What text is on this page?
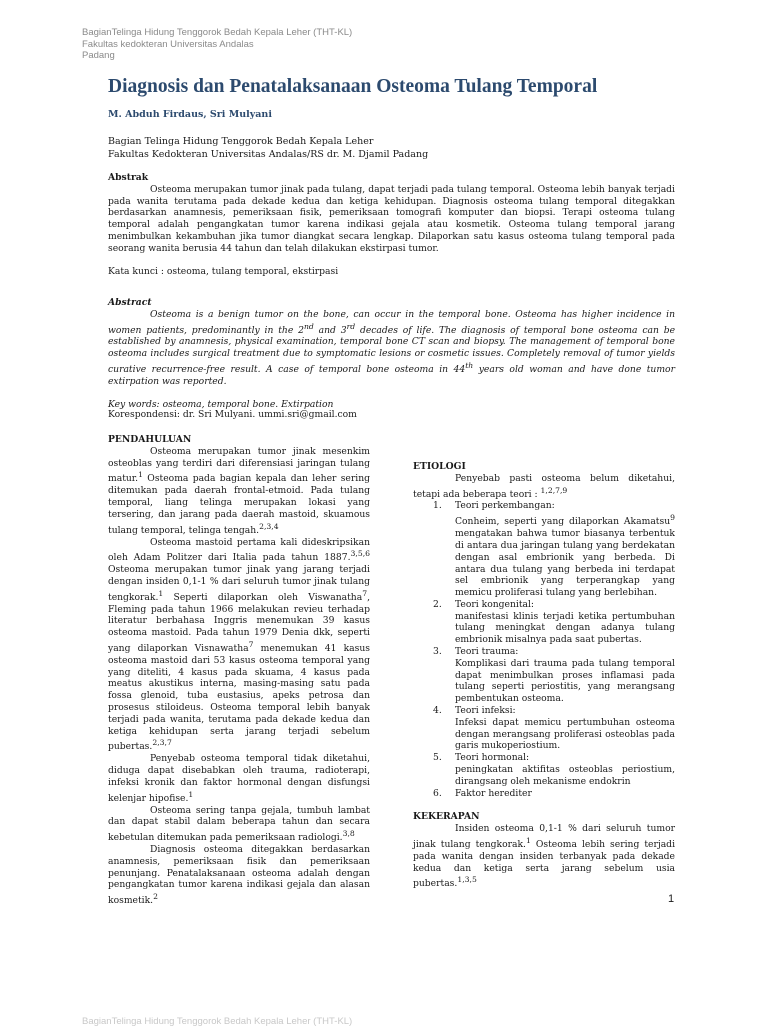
BagianTelinga Hidung Tenggorok Bedah Kepala Leher (THT-KL)
Fakultas kedokteran Universitas Andalas
Padang
Diagnosis dan Penatalaksanaan Osteoma Tulang Temporal
M. Abduh Firdaus, Sri Mulyani
Bagian Telinga Hidung Tenggorok Bedah Kepala Leher
Fakultas Kedokteran Universitas Andalas/RS dr. M. Djamil Padang
Abstrak

Osteoma merupakan tumor jinak pada tulang, dapat terjadi pada tulang temporal. Osteoma lebih banyak terjadi pada wanita terutama pada dekade kedua dan ketiga kehidupan. Diagnosis osteoma tulang temporal ditegakkan berdasarkan anamnesis, pemeriksaan fisik, pemeriksaan tomografi komputer dan biopsi. Terapi osteoma tulang temporal adalah pengangkatan tumor karena indikasi gejala atau kosmetik. Osteoma tulang temporal jarang menimbulkan kekambuhan jika tumor diangkat secara lengkap. Dilaporkan satu kasus osteoma tulang temporal pada seorang wanita berusia 44 tahun dan telah dilakukan ekstirpasi tumor.

Kata kunci : osteoma, tulang temporal, ekstirpasi
Abstract

Osteoma is a benign tumor on the bone, can occur in the temporal bone. Osteoma has higher incidence in women patients, predominantly in the 2nd and 3rd decades of life. The diagnosis of temporal bone osteoma can be established by anamnesis, physical examination, temporal bone CT scan and biopsy. The management of temporal bone osteoma includes surgical treatment due to symptomatic lesions or cosmetic issues. Completely removal of tumor yields curative recurrence-free result. A case of temporal bone osteoma in 44th years old woman and have done tumor extirpation was reported.

Key words: osteoma, temporal bone. Extirpation
Korespondensi: dr. Sri Mulyani. ummi.sri@gmail.com
PENDAHULUAN

Osteoma merupakan tumor jinak mesenkim osteoblas yang terdiri dari diferensiasi jaringan tulang matur.$^1$ Osteoma pada bagian kepala dan leher sering ditemukan pada daerah frontal-etmoid. Pada tulang temporal, liang telinga merupakan lokasi yang tersering, dan jarang pada daerah mastoid, skuamous tulang temporal, telinga tengah.$^{2,3,4}$

Osteoma mastoid pertama kali dideskripsikan oleh Adam Politzer dari Italia pada tahun 1887.$^{3,5,6}$ Osteoma merupakan tumor jinak yang jarang terjadi dengan insiden 0,1-1 % dari seluruh tumor jinak tulang tengkorak.$^1$ Seperti dilaporkan oleh Viswanatha$^7$, Fleming pada tahun 1966 melakukan revieu terhadap literatur berbahasa Inggris menemukan 39 kasus osteoma mastoid. Pada tahun 1979 Denia dkk, seperti yang dilaporkan Visnawatha$^7$ menemukan 41 kasus osteoma mastoid dari 53 kasus osteoma temporal yang yang diteliti, 4 kasus pada skuama, 4 kasus pada meatus akustikus interna, masing-masing satu pada fossa glenoid, tuba eustasius, apeks petrosa dan prosesus stiloideus. Osteoma temporal lebih banyak terjadi pada wanita, terutama pada dekade kedua dan ketiga kehidupan serta jarang terjadi sebelum pubertas.$^{2,3,7}$

Penyebab osteoma temporal tidak diketahui, diduga dapat disebabkan oleh trauma, radioterapi, infeksi kronik dan faktor hormonal dengan disfungsi kelenjar hipofise.$^1$

Osteoma sering tanpa gejala, tumbuh lambat dan dapat stabil dalam beberapa tahun dan secara kebetulan ditemukan pada pemeriksaan radiologi.$^{3,8}$

Diagnosis osteoma ditegakkan berdasarkan anamnesis, pemeriksaan fisik dan pemeriksaan penunjang. Penatalaksanaan osteoma adalah dengan pengangkatan tumor karena indikasi gejala dan alasan kosmetik.$^2$

ETIOLOGI

Penyebab pasti osteoma belum diketahui, tetapi ada beberapa teori : $^{1,2,7,9}$

1. Teori perkembangan:
Conheim, seperti yang dilaporkan Akamatsu$^9$ mengatakan bahwa tumor biasanya terbentuk di antara dua jaringan tulang yang berdekatan dengan asal embrionik yang berbeda. Di antara dua tulang yang berbeda ini terdapat sel embrionik yang terperangkap yang memicu proliferasi tulang yang berlebihan.
2. Teori kongenital:
manifestasi klinis terjadi ketika pertumbuhan tulang meningkat dengan adanya tulang embrionik misalnya pada saat pubertas.
3. Teori trauma:
Komplikasi dari trauma pada tulang temporal dapat menimbulkan proses inflamasi pada tulang seperti periostitis, yang merangsang pembentukan osteoma.
4. Teori infeksi:
Infeksi dapat memicu pertumbuhan osteoma dengan merangsang proliferasi osteoblas pada garis mukoperiostium.
5. Teori hormonal:
peningkatan aktifitas osteoblas periostium, dirangsang oleh mekanisme endokrin
6. Faktor herediter
KEKERAPAN

Insiden osteoma 0,1-1 % dari seluruh tumor jinak tulang tengkorak.$^1$ Osteoma lebih sering terjadi pada wanita dengan insiden terbanyak pada dekade kedua dan ketiga serta jarang sebelum usia pubertas.$^{1,3,5}$

1
BagianTelinga Hidung Tenggorok Bedah Kepala Leher (THT-KL)
